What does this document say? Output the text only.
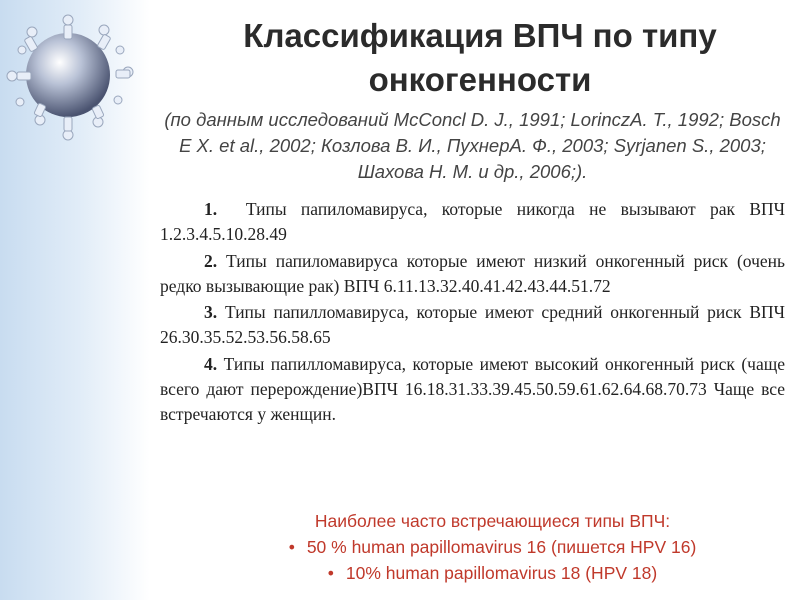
Классификация ВПЧ по типу
онкогенности
(по данным исследований McConcl D. J., 1991; LorinczA. T., 1992; Bosch E X. et al., 2002; Козлова В. И., ПухнерА. Ф., 2003; Syrjanen S., 2003; Шахова Н. М. и др., 2006;).
1. Типы папиломавируса, которые никогда не вызывают рак ВПЧ 1.2.3.4.5.10.28.49
2. Типы папиломавируса которые имеют низкий онкогенный риск (очень редко вызывающие рак) ВПЧ 6.11.13.32.40.41.42.43.44.51.72
3. Типы папилломавируса, которые имеют средний онкогенный риск ВПЧ 26.30.35.52.53.56.58.65
4. Типы папилломавируса, которые имеют высокий онкогенный риск (чаще всего дают перерождение)ВПЧ 16.18.31.33.39.45.50.59.61.62.64.68.70.73 Чаще все встречаются у женщин.
Наиболее часто встречающиеся типы ВПЧ:
• 50 % human papillomavirus 16 (пишется HPV 16)
• 10% human papillomavirus 18 (HPV 18)
